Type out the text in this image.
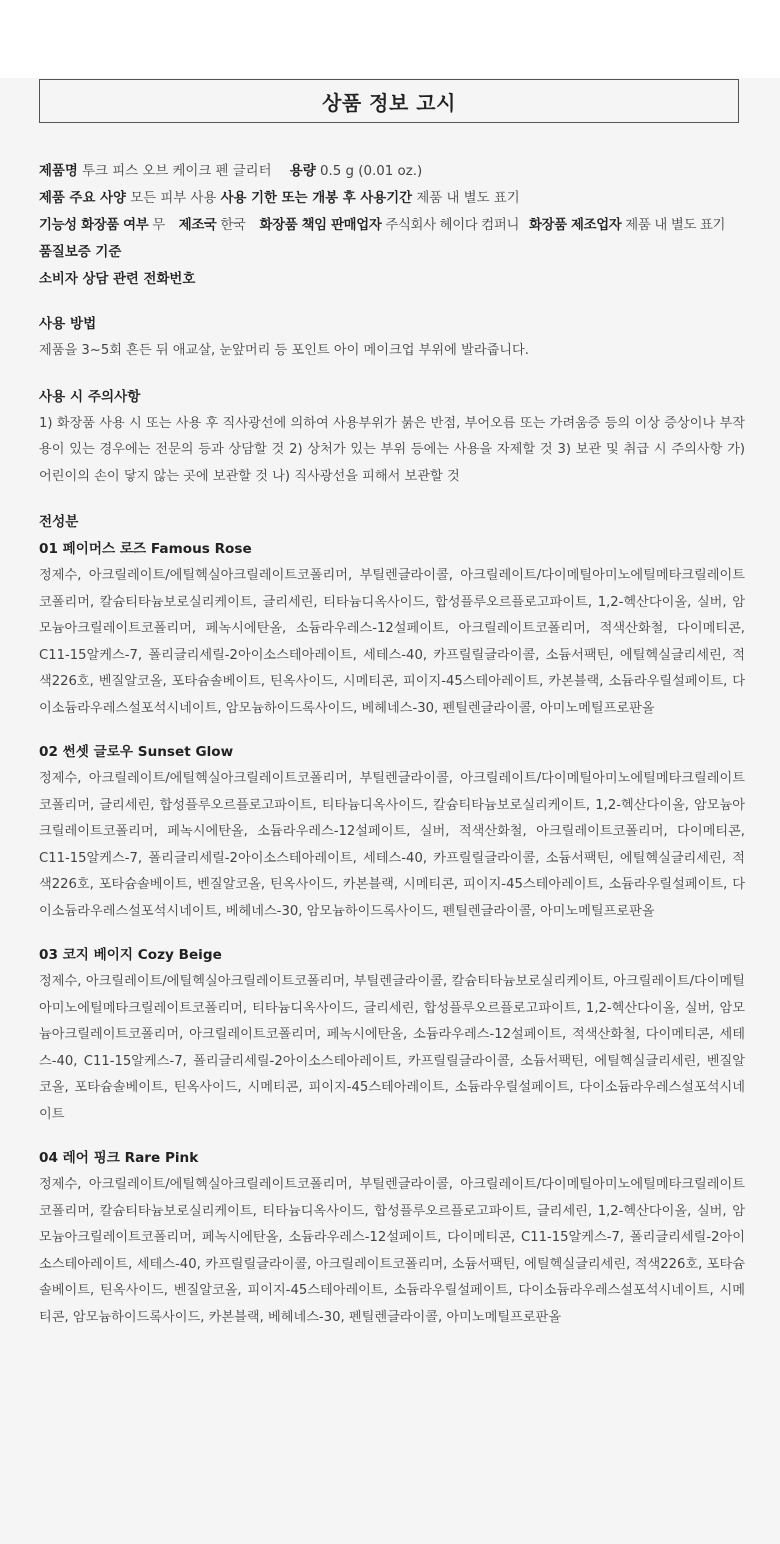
상품 정보 고시
제품명 투크 피스 오브 케이크 펜 글리터 용량 0.5 g (0.01 oz.)
제품 주요 사양 모든 피부 사용 사용 기한 또는 개봉 후 사용기간 제품 내 별도 표기
기능성 화장품 여부 무 제조국 한국 화장품 책임 판매업자 주식회사 헤이다 컴퍼니 화장품 제조업자 제품 내 별도 표기
품질보증 기준
소비자 상담 관련 전화번호
사용 방법
제품을 3~5회 흔든 뒤 애교살, 눈앞머리 등 포인트 아이 메이크업 부위에 발라줍니다.
사용 시 주의사항
1) 화장품 사용 시 또는 사용 후 직사광선에 의하여 사용부위가 붉은 반점, 부어오름 또는 가려움증 등의 이상 증상이나 부작용이 있는 경우에는 전문의 등과 상담할 것 2) 상처가 있는 부위 등에는 사용을 자제할 것 3) 보관 및 취급 시 주의사항 가) 어린이의 손이 닿지 않는 곳에 보관할 것 나) 직사광선을 피해서 보관할 것
전성분
01 페이머스 로즈 Famous Rose
정제수, 아크릴레이트/에틸헥실아크릴레이트코폴리머, 부틸렌글라이콜, 아크릴레이트/다이메틸아미노에틸메타크릴레이트코폴리머, 칼슘티타늄보로실리케이트, 글리세린, 티타늄디옥사이드, 합성플루오르플로고파이트, 1,2-헥산다이올, 실버, 암모늄아크릴레이트코폴리머, 페녹시에탄올, 소듐라우레스-12설페이트, 아크릴레이트코폴리머, 적색산화철, 다이메티콘, C11-15알케스-7, 폴리글리세릴-2아이소스테아레이트, 세테스-40, 카프릴릴글라이콜, 소듐서팩틴, 에틸헥실글리세린, 적색226호, 벤질알코올, 포타슘솔베이트, 틴옥사이드, 시메티콘, 피이지-45스테아레이트, 카본블랙, 소듐라우릴설페이트, 다이소듐라우레스설포석시네이트, 암모늄하이드록사이드, 베헤네스-30, 펜틸렌글라이콜, 아미노메틸프로판올
02 썬셋 글로우 Sunset Glow
정제수, 아크릴레이트/에틸헥실아크릴레이트코폴리머, 부틸렌글라이콜, 아크릴레이트/다이메틸아미노에틸메타크릴레이트코폴리머, 글리세린, 합성플루오르플로고파이트, 티타늄디옥사이드, 칼슘티타늄보로실리케이트, 1,2-헥산다이올, 암모늄아크릴레이트코폴리머, 페녹시에탄올, 소듐라우레스-12설페이트, 실버, 적색산화철, 아크릴레이트코폴리머, 다이메티콘, C11-15알케스-7, 폴리글리세릴-2아이소스테아레이트, 세테스-40, 카프릴릴글라이콜, 소듐서팩틴, 에틸헥실글리세린, 적색226호, 포타슘솔베이트, 벤질알코올, 틴옥사이드, 카본블랙, 시메티콘, 피이지-45스테아레이트, 소듐라우릴설페이트, 다이소듐라우레스설포석시네이트, 베헤네스-30, 암모늄하이드록사이드, 펜틸렌글라이콜, 아미노메틸프로판올
03 코지 베이지 Cozy Beige
정제수, 아크릴레이트/에틸헥실아크릴레이트코폴리머, 부틸렌글라이콜, 칼슘티타늄보로실리케이트, 아크릴레이트/다이메틸아미노에틸메타크릴레이트코폴리머, 티타늄디옥사이드, 글리세린, 합성플루오르플로고파이트, 1,2-헥산다이올, 실버, 암모늄아크릴레이트코폴리머, 아크릴레이트코폴리머, 페녹시에탄올, 소듐라우레스-12설페이트, 적색산화철, 다이메티콘, 세테스-40, C11-15알케스-7, 폴리글리세릴-2아이소스테아레이트, 카프릴릴글라이콜, 소듐서팩틴, 에틸헥실글리세린, 벤질알코올, 포타슘솔베이트, 틴옥사이드, 시메티콘, 피이지-45스테아레이트, 소듐라우릴설페이트, 다이소듐라우레스설포석시네이트
04 레어 핑크 Rare Pink
정제수, 아크릴레이트/에틸헥실아크릴레이트코폴리머, 부틸렌글라이콜, 아크릴레이트/다이메틸아미노에틸메타크릴레이트코폴리머, 칼슘티타늄보로실리케이트, 티타늄디옥사이드, 합성플루오르플로고파이트, 글리세린, 1,2-헥산다이올, 실버, 암모늄아크릴레이트코폴리머, 페녹시에탄올, 소듐라우레스-12설페이트, 다이메티콘, C11-15알케스-7, 폴리글리세릴-2아이소스테아레이트, 세테스-40, 카프릴릴글라이콜, 아크릴레이트코폴리머, 소듐서팩틴, 에틸헥실글리세린, 적색226호, 포타슘솔베이트, 틴옥사이드, 벤질알코올, 피이지-45스테아레이트, 소듐라우릴설페이트, 다이소듐라우레스설포석시네이트, 시메티콘, 암모늄하이드록사이드, 카본블랙, 베헤네스-30, 펜틸렌글라이콜, 아미노메틸프로판올
